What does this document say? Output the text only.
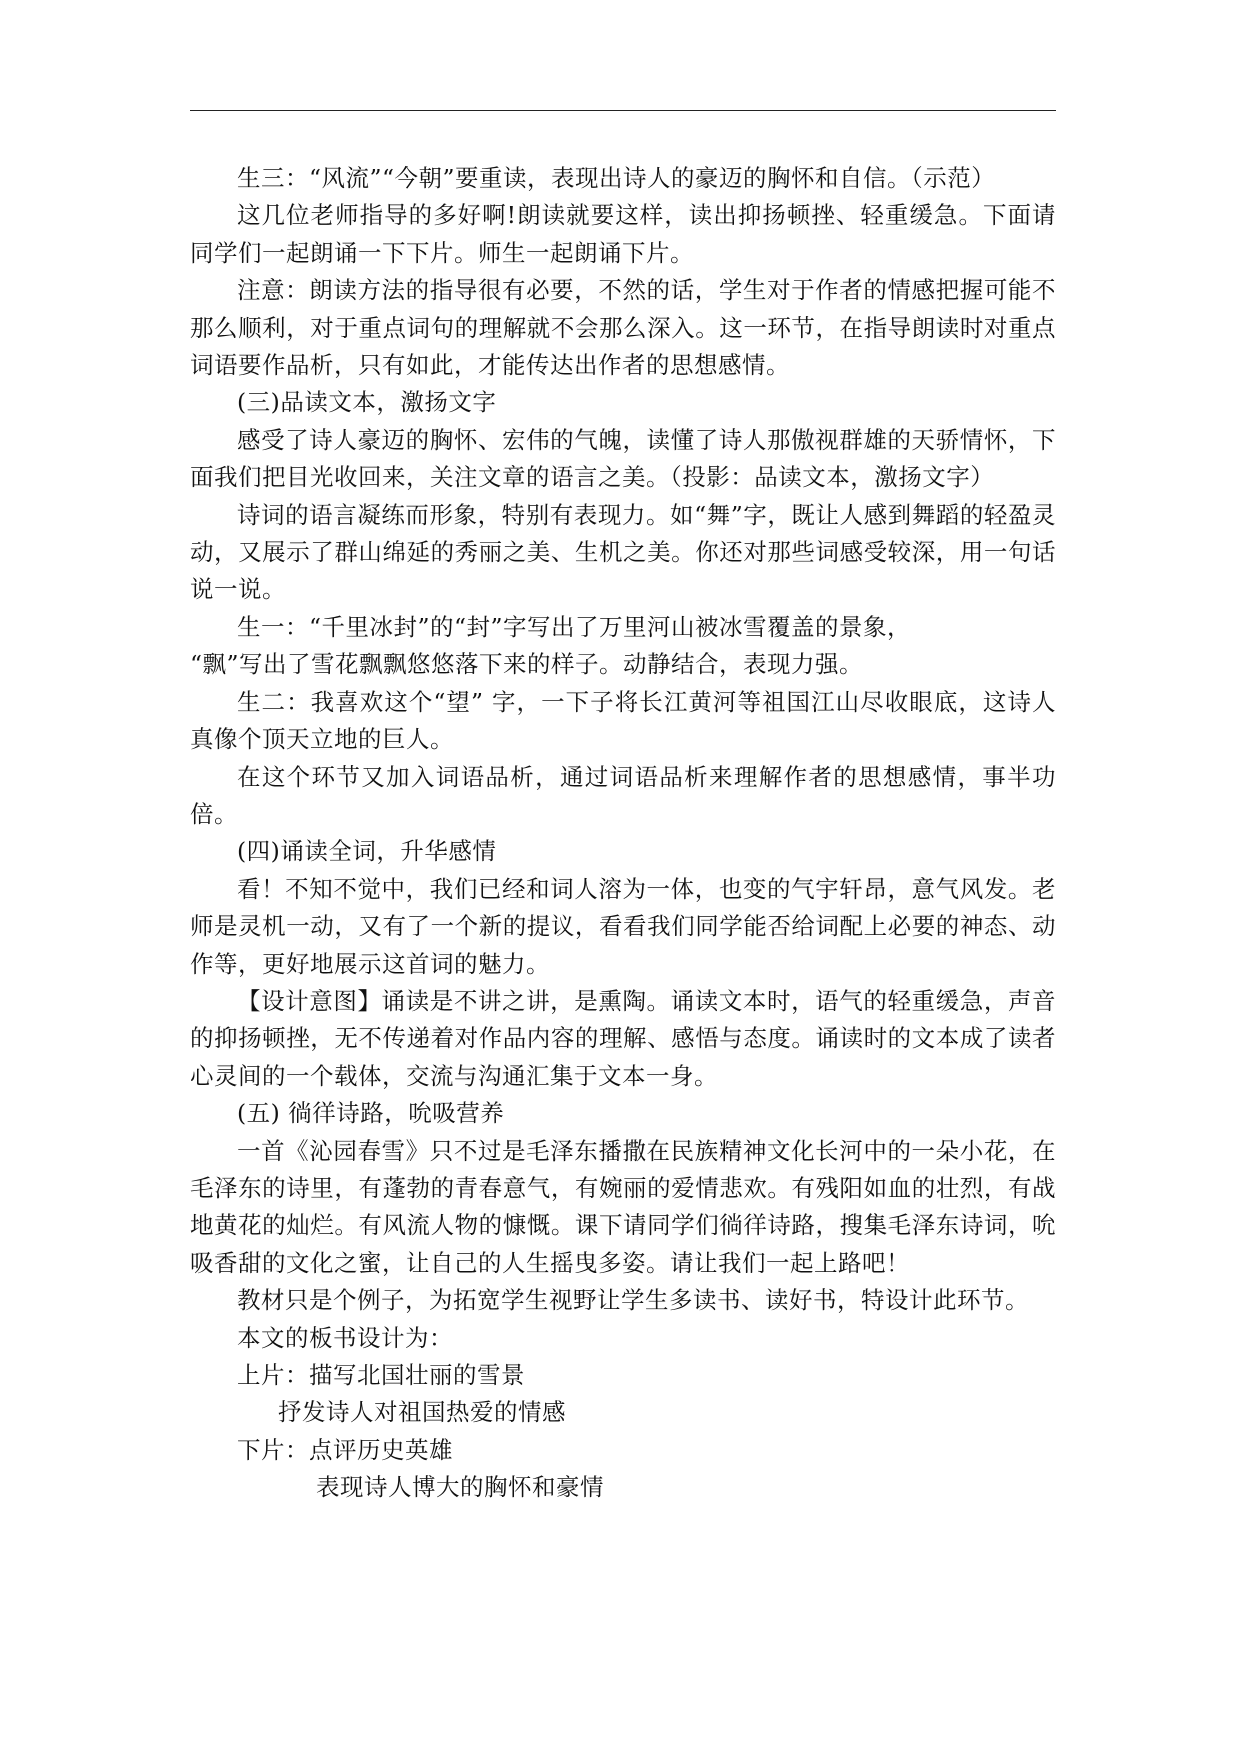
生三：“风流”“今朝”要重读，表现出诗人的豪迈的胸怀和自信。（示范）

这几位老师指导的多好啊!朗读就要这样，读出抑扬顿挫、轻重缓急。下面请同学们一起朗诵一下下片。师生一起朗诵下片。

注意：朗读方法的指导很有必要，不然的话，学生对于作者的情感把握可能不那么顺利，对于重点词句的理解就不会那么深入。这一环节，在指导朗读时对重点词语要作品析，只有如此，才能传达出作者的思想感情。

(三)品读文本，激扬文字

感受了诗人豪迈的胸怀、宏伟的气魄，读懂了诗人那傲视群雄的天骄情怀，下面我们把目光收回来，关注文章的语言之美。（投影：品读文本，激扬文字）

诗词的语言凝练而形象，特别有表现力。如“舞”字，既让人感到舞蹈的轻盈灵动，又展示了群山绵延的秀丽之美、生机之美。你还对那些词感受较深，用一句话说一说。

生一：“千里冰封”的“封”字写出了万里河山被冰雪覆盖的景象，

“飘”写出了雪花飘飘悠悠落下来的样子。动静结合，表现力强。

生二：我喜欢这个“望” 字，一下子将长江黄河等祖国江山尽收眼底，这诗人真像个顶天立地的巨人。

在这个环节又加入词语品析，通过词语品析来理解作者的思想感情，事半功倍。

(四)诵读全词，升华感情

看！不知不觉中，我们已经和词人溶为一体，也变的气宇轩昂，意气风发。老师是灵机一动，又有了一个新的提议，看看我们同学能否给词配上必要的神态、动作等，更好地展示这首词的魅力。

【设计意图】诵读是不讲之讲，是熏陶。诵读文本时，语气的轻重缓急，声音的抑扬顿挫，无不传递着对作品内容的理解、感悟与态度。诵读时的文本成了读者心灵间的一个载体，交流与沟通汇集于文本一身。

(五) 徜徉诗路，吮吸营养

一首《沁园春雪》只不过是毛泽东播撒在民族精神文化长河中的一朵小花，在毛泽东的诗里，有蓬勃的青春意气，有婉丽的爱情悲欢。有残阳如血的壮烈，有战地黄花的灿烂。有风流人物的慷慨。课下请同学们徜徉诗路，搜集毛泽东诗词，吮吸香甜的文化之蜜，让自己的人生摇曳多姿。请让我们一起上路吧！

教材只是个例子，为拓宽学生视野让学生多读书、读好书，特设计此环节。

本文的板书设计为：

上片：描写北国壮丽的雪景

抒发诗人对祖国热爱的情感

下片：点评历史英雄

表现诗人博大的胸怀和豪情
